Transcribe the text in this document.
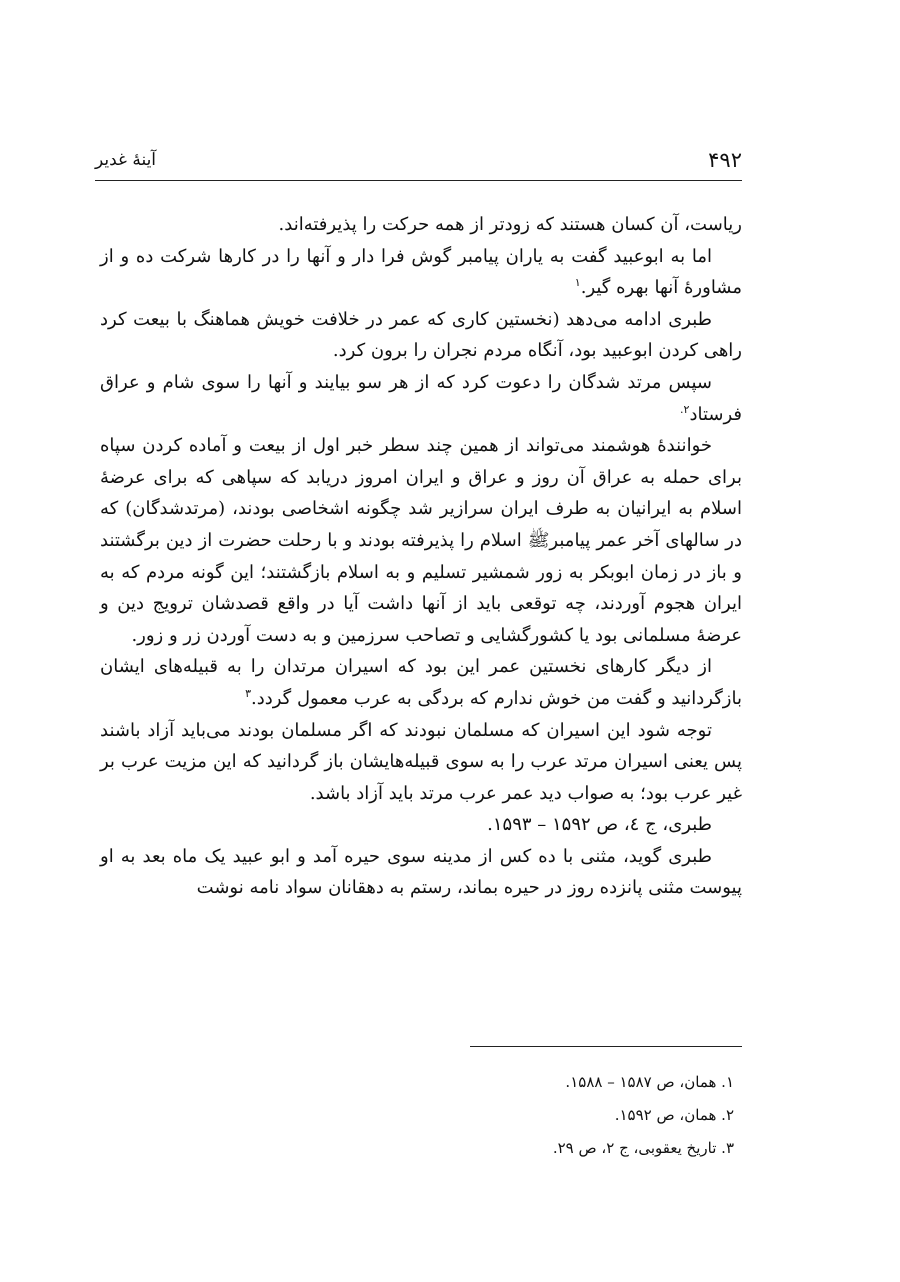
۴۹۲
آینهٔ غدیر

ریاست، آن کسان هستند که زودتر از همه حرکت را پذیرفته‌اند.

اما به ابوعبید گفت به یاران پیامبر گوش فرا دار و آنها را در کارها شرکت ده و از مشاورهٔ آنها بهره گیر.$^۱$

طبری ادامه می‌دهد (نخستین کاری که عمر در خلافت خویش هماهنگ با بیعت کرد راهی کردن ابوعبید بود، آنگاه مردم نجران را برون کرد.

سپس مرتد شدگان را دعوت کرد که از هر سو بیایند و آنها را سوی شام و عراق فرستاد$^{۲.}$

خوانندهٔ هوشمند می‌تواند از همین چند سطر خبر اول از بیعت و آماده کردن سپاه برای حمله به عراق آن روز و عراق و ایران امروز دریابد که سپاهی که برای عرضهٔ اسلام به ایرانیان به طرف ایران سرازیر شد چگونه اشخاصی بودند، (مرتدشدگان) که در سالهای آخر عمر پیامبرﷺ اسلام را پذیرفته بودند و با رحلت حضرت از دین برگشتند و باز در زمان ابوبکر به زور شمشیر تسلیم و به اسلام بازگشتند؛ این گونه مردم که به ایران هجوم آوردند، چه توقعی باید از آنها داشت آیا در واقع قصدشان ترویج دین و عرضهٔ مسلمانی بود یا کشورگشایی و تصاحب سرزمین و به دست آوردن زر و زور.

از دیگر کارهای نخستین عمر این بود که اسیران مرتدان را به قبیله‌های ایشان بازگردانید و گفت من خوش ندارم که بردگی به عرب معمول گردد.$^۳$

توجه شود این اسیران که مسلمان نبودند که اگر مسلمان بودند می‌باید آزاد باشند پس یعنی اسیران مرتد عرب را به سوی قبیله‌هایشان باز گردانید که این مزیت عرب بر غیر عرب بود؛ به صواب دید عمر عرب مرتد باید آزاد باشد.

طبری، ج ٤، ص ۱۵۹۲ – ۱۵۹۳.

طبری گوید، مثنی با ده کس از مدینه سوی حیره آمد و ابو عبید یک ماه بعد به او پیوست مثنی پانزده روز در حیره بماند، رستم به دهقانان سواد نامه نوشت

۱. همان، ص ۱۵۸۷ – ۱۵۸۸.

۲. همان، ص ۱۵۹۲.

۳. تاریخ یعقوبی، ج ۲، ص ۲۹.
